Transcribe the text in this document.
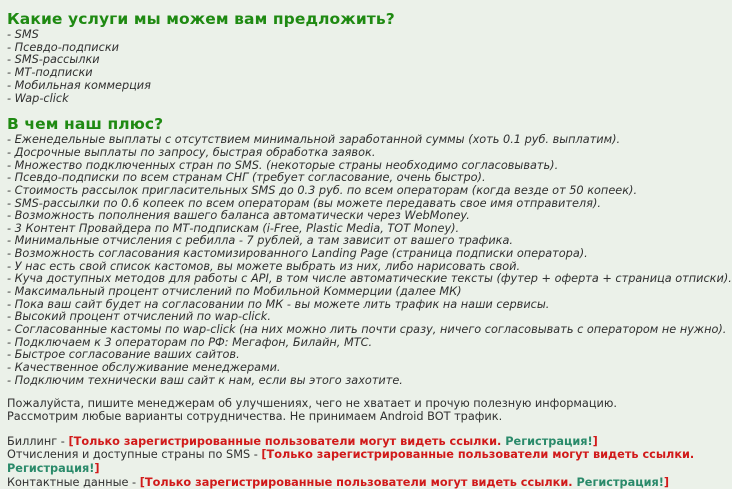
Какие услуги мы можем вам предложить?
- SMS
- Псевдо-подписки
- SMS-рассылки
- МТ-подписки
- Мобильная коммерция
- Wap-click
В чем наш плюс?
- Еженедельные выплаты с отсутствием минимальной заработанной суммы (хоть 0.1 руб. выплатим).
- Досрочные выплаты по запросу, быстрая обработка заявок.
- Множество подключенных стран по SMS. (некоторые страны необходимо согласовывать).
- Псевдо-подписки по всем странам СНГ (требует согласование, очень быстро).
- Стоимость рассылок пригласительных SMS до 0.3 руб. по всем операторам (когда везде от 50 копеек).
- SMS-рассылки по 0.6 копеек по всем операторам (вы можете передавать свое имя отправителя).
- Возможность пополнения вашего баланса автоматически через WebMoney.
- 3 Контент Провайдера по МТ-подпискам (i-Free, Plastic Media, TOT Money).
- Минимальные отчисления с ребилла - 7 рублей, а там зависит от вашего трафика.
- Возможность согласования кастомизированного Landing Page (страница подписки оператора).
- У нас есть свой список кастомов, вы можете выбрать из них, либо нарисовать свой.
- Куча доступных методов для работы с API, в том числе автоматические тексты (футер + оферта + страница отписки).
- Максимальный процент отчислений по Мобильной Коммерции (далее МК)
- Пока ваш сайт будет на согласовании по МК - вы можете лить трафик на наши сервисы.
- Высокий процент отчислений по wap-click.
- Согласованные кастомы по wap-click (на них можно лить почти сразу, ничего согласовывать с оператором не нужно).
- Подключаем к 3 операторам по РФ: Мегафон, Билайн, МТС.
- Быстрое согласование ваших сайтов.
- Качественное обслуживание менеджерами.
- Подключим технически ваш сайт к нам, если вы этого захотите.

Пожалуйста, пишите менеджерам об улучшениях, чего не хватает и прочую полезную информацию. Рассмотрим любые варианты сотрудничества. Не принимаем Android BOT трафик.

Биллинг - [Только зарегистрированные пользователи могут видеть ссылки. Регистрация!]
Отчисления и доступные страны по SMS - [Только зарегистрированные пользователи могут видеть ссылки.
Регистрация!]
Контактные данные - [Только зарегистрированные пользователи могут видеть ссылки. Регистрация!]
